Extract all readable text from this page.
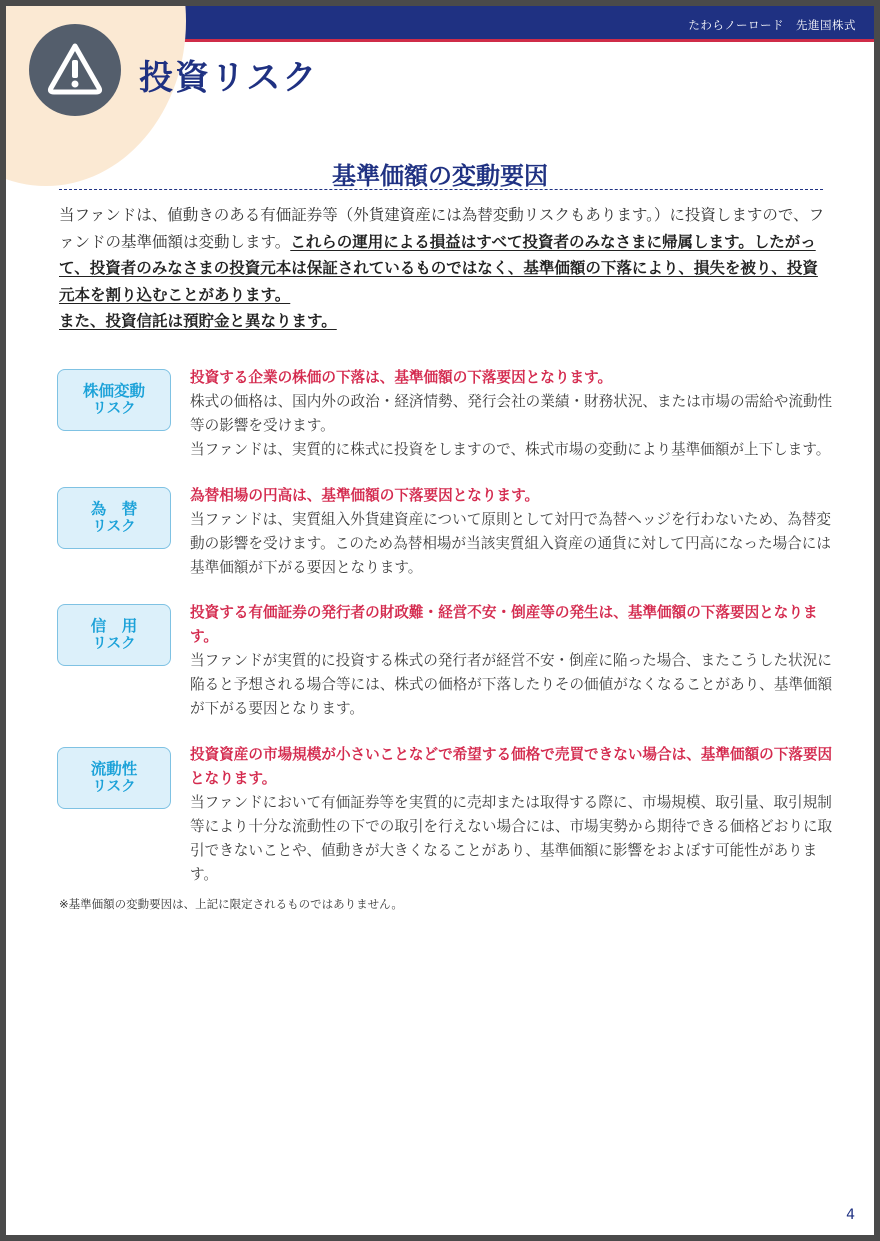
たわらノーロード　先進国株式
投資リスク
基準価額の変動要因
当ファンドは、値動きのある有価証券等（外貨建資産には為替変動リスクもあります。）に投資しますので、ファンドの基準価額は変動します。これらの運用による損益はすべて投資者のみなさまに帰属します。したがって、投資者のみなさまの投資元本は保証されているものではなく、基準価額の下落により、損失を被り、投資元本を割り込むことがあります。
また、投資信託は預貯金と異なります。
株価変動
リスク
投資する企業の株価の下落は、基準価額の下落要因となります。
株式の価格は、国内外の政治・経済情勢、発行会社の業績・財務状況、または市場の需給や流動性等の影響を受けます。
当ファンドは、実質的に株式に投資をしますので、株式市場の変動により基準価額が上下します。
為　替
リスク
為替相場の円高は、基準価額の下落要因となります。
当ファンドは、実質組入外貨建資産について原則として対円で為替ヘッジを行わないため、為替変動の影響を受けます。このため為替相場が当該実質組入資産の通貨に対して円高になった場合には基準価額が下がる要因となります。
信　用
リスク
投資する有価証券の発行者の財政難・経営不安・倒産等の発生は、基準価額の下落要因となります。
当ファンドが実質的に投資する株式の発行者が経営不安・倒産に陥った場合、またこうした状況に陥ると予想される場合等には、株式の価格が下落したりその価値がなくなることがあり、基準価額が下がる要因となります。
流動性
リスク
投資資産の市場規模が小さいことなどで希望する価格で売買できない場合は、基準価額の下落要因となります。
当ファンドにおいて有価証券等を実質的に売却または取得する際に、市場規模、取引量、取引規制等により十分な流動性の下での取引を行えない場合には、市場実勢から期待できる価格どおりに取引できないことや、値動きが大きくなることがあり、基準価額に影響をおよぼす可能性があります。
※基準価額の変動要因は、上記に限定されるものではありません。
4
